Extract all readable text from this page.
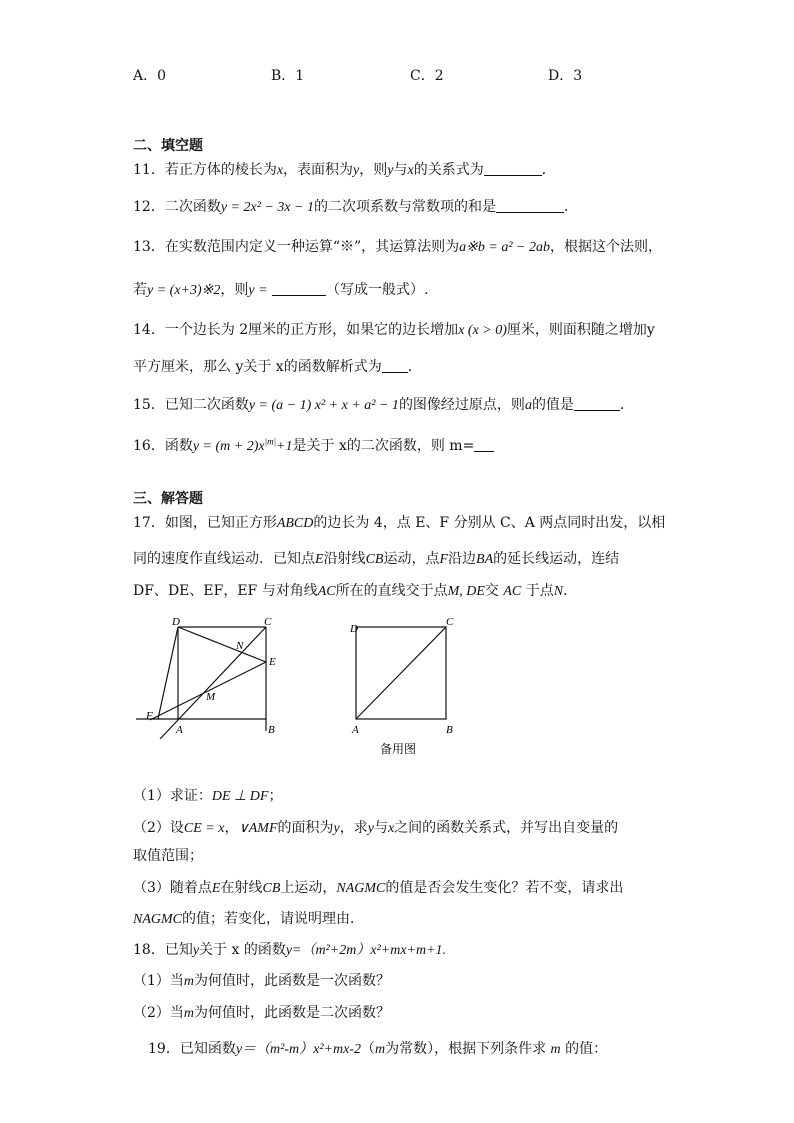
A．0	B．1	C．2	D．3
二、填空题
11．若正方体的棱长为x，表面积为y，则y与x的关系式为	．
12．二次函数y = 2x² − 3x − 1的二次项系数与常数项的和是	．
13．在实数范围内定义一种运算“※”，其运算法则为a※b = a² − 2ab，根据这个法则，
若y = (x+3)※2，则y =	（写成一般式）.
14．一个边长为 2厘米的正方形，如果它的边长增加x (x > 0)厘米，则面积随之增加y
平方厘米，那么 y关于 x的函数解析式为 ．
15．已知二次函数y = (a − 1) x² + x + a² − 1的图像经过原点，则a的值是	．
16．函数$y = (m + 2)x^{|m|}+1$是关于 x的二次函数，则 m=
三、解答题
17．如图，已知正方形ABCD的边长为 4，点 E、F 分别从 C、A 两点同时出发，以相
同的速度作直线运动．已知点E沿射线CB运动，点F沿边BA的延长线运动，连结
DF、DE、EF，EF 与对角线AC所在的直线交于点M, DE交 AC 于点N．
D	C
N
E
M
F
A	B
D
C
A	B
备用图
（1）求证：DE ⊥ DF；
（2）设CE = x，∨AMF的面积为y，求y与x之间的函数关系式，并写出自变量的
取值范围；
（3）随着点E在射线CB上运动，NAGMC的值是否会发生变化？若不变，请求出
NAGMC的值；若变化，请说明理由．
18．已知y关于 x 的函数y=（m²+2m）x²+mx+m+1.
（1）当m为何值时，此函数是一次函数？
（2）当m为何值时，此函数是二次函数？
19．已知函数y＝（m²-m）x²+mx-2（m为常数），根据下列条件求 m 的值：
